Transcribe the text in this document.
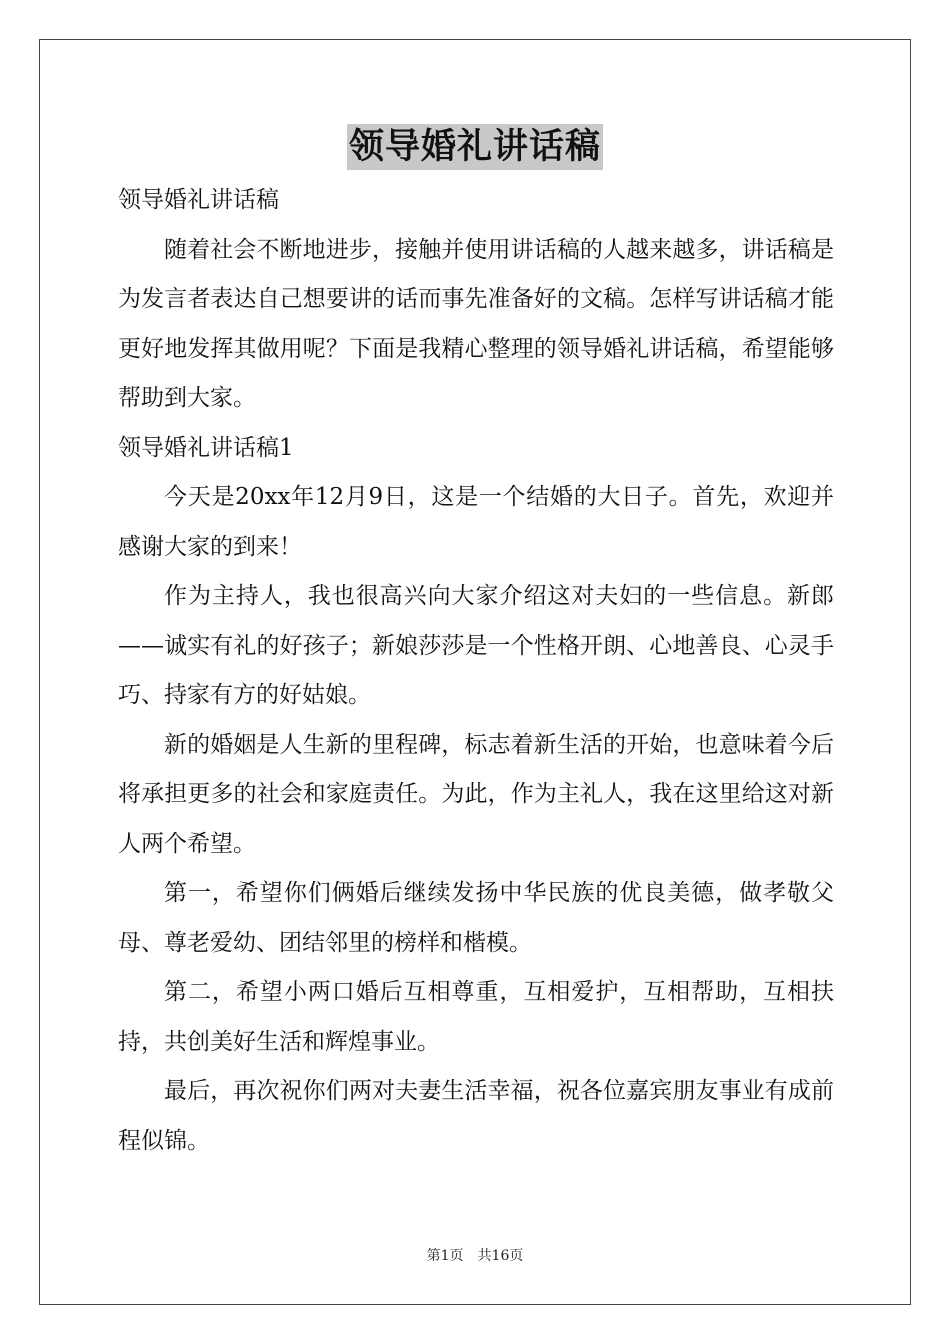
领导婚礼讲话稿

领导婚礼讲话稿

随着社会不断地进步，接触并使用讲话稿的人越来越多，讲话稿是为发言者表达自己想要讲的话而事先准备好的文稿。怎样写讲话稿才能更好地发挥其做用呢？下面是我精心整理的领导婚礼讲话稿，希望能够帮助到大家。

领导婚礼讲话稿1

今天是20xx年12月9日，这是一个结婚的大日子。首先，欢迎并感谢大家的到来！

作为主持人，我也很高兴向大家介绍这对夫妇的一些信息。新郎——诚实有礼的好孩子；新娘莎莎是一个性格开朗、心地善良、心灵手巧、持家有方的好姑娘。

新的婚姻是人生新的里程碑，标志着新生活的开始，也意味着今后将承担更多的社会和家庭责任。为此，作为主礼人，我在这里给这对新人两个希望。

第一，希望你们俩婚后继续发扬中华民族的优良美德，做孝敬父母、尊老爱幼、团结邻里的榜样和楷模。

第二，希望小两口婚后互相尊重，互相爱护，互相帮助，互相扶持，共创美好生活和辉煌事业。

最后，再次祝你们两对夫妻生活幸福，祝各位嘉宾朋友事业有成前程似锦。

第1页 共16页
